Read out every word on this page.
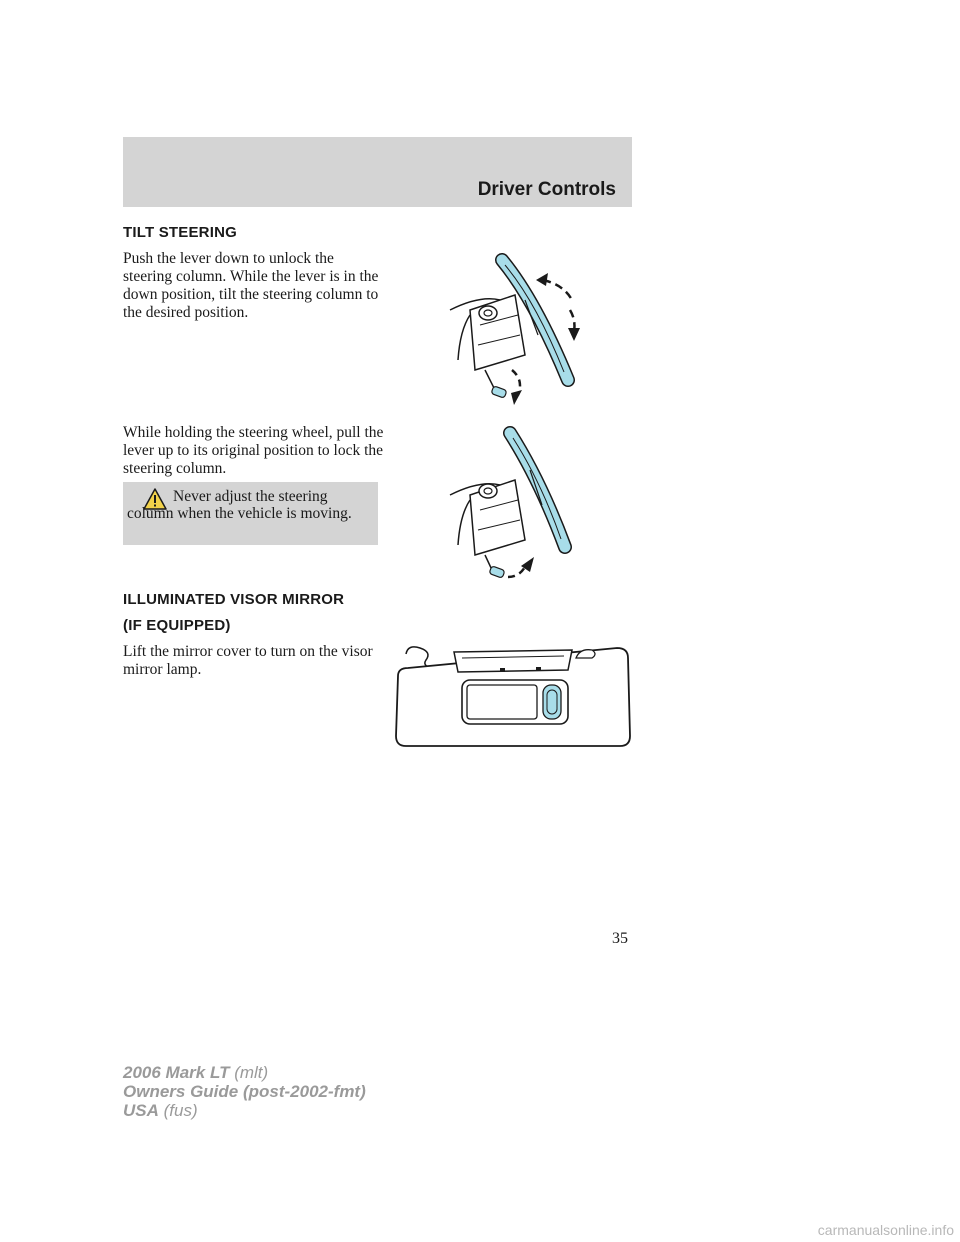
Driver Controls
TILT STEERING

Push the lever down to unlock the steering column. While the lever is in the down position, tilt the steering column to the desired position.

While holding the steering wheel, pull the lever up to its original position to lock the steering column.

Never adjust the steering column when the vehicle is moving.

ILLUMINATED VISOR MIRROR
(IF EQUIPPED)

Lift the mirror cover to turn on the visor mirror lamp.

35
2006 Mark LT (mlt)
Owners Guide (post-2002-fmt)
USA (fus)
carmanualsonline.info
